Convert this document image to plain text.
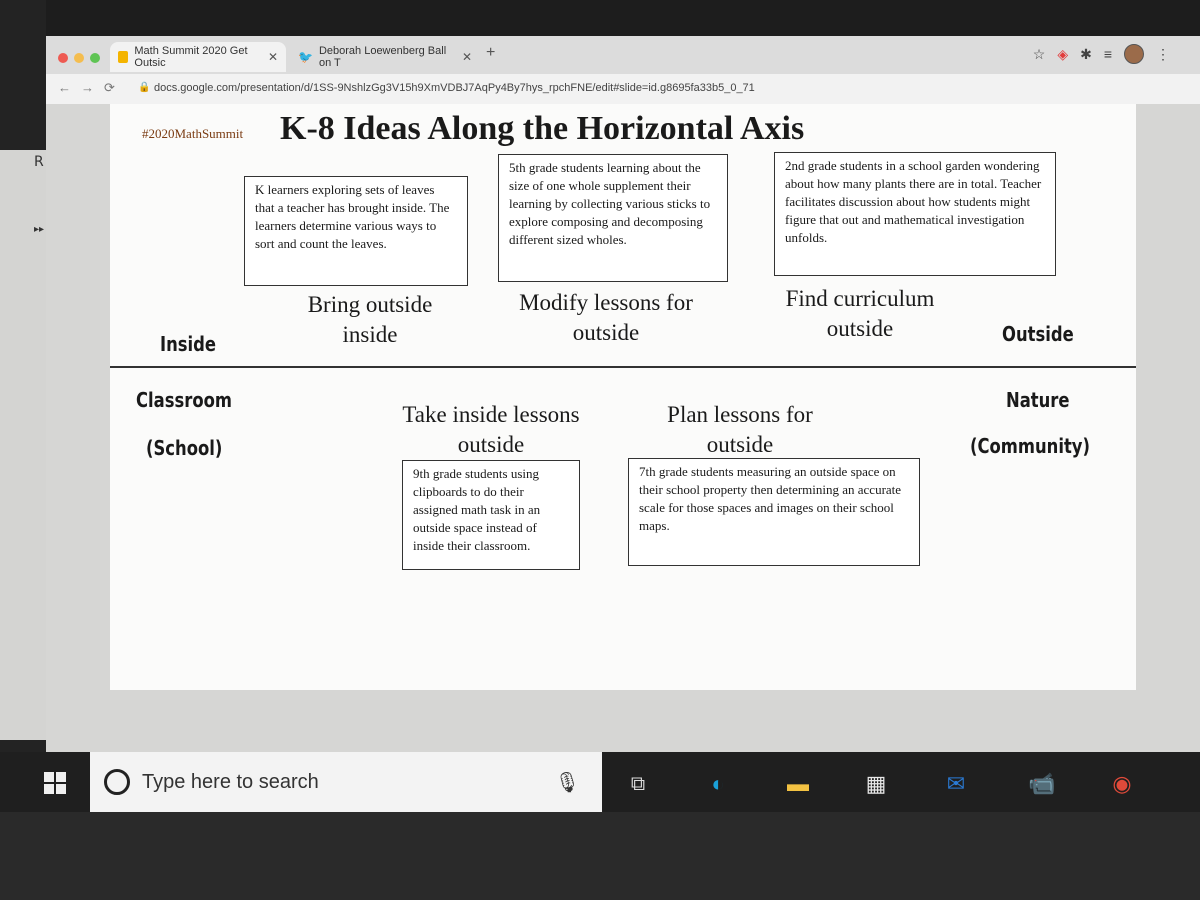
Math Summit 2020 Get Outsic	✕ 🐦 Deborah Loewenberg Ball on T	✕ +	☆ ◈ ✱ ≡	⋮
←→⟳ 🔒 docs.google.com/presentation/d/1SS-9NshlzGg3V15h9XmVDBJ7AqPy4By7hys_rpchFNE/edit#slide=id.g8695fa33b5_0_71
#2020MathSummit K-8 Ideas Along the Horizontal Axis
K learners exploring sets of leaves that a teacher has brought inside. The learners determine various ways to sort and count the leaves.
5th grade students learning about the size of one whole supplement their learning by collecting various sticks to explore composing and decomposing different sized wholes.
2nd grade students in a school garden wondering about how many plants there are in total. Teacher facilitates discussion about how students might figure that out and mathematical investigation unfolds.
Bring outside inside
Modify lessons for outside
Find curriculum outside
Inside	Outside
Classroom
(School)
Nature
(Community)
Take inside lessons outside
Plan lessons for outside
9th grade students using clipboards to do their assigned math task in an outside space instead of inside their classroom.
7th grade students measuring an outside space on their school property then determining an accurate scale for those spaces and images on their school maps.
R
▸▸
Type here to search	🎙	⧉	◐	▬	▦	✉	📹	◉
